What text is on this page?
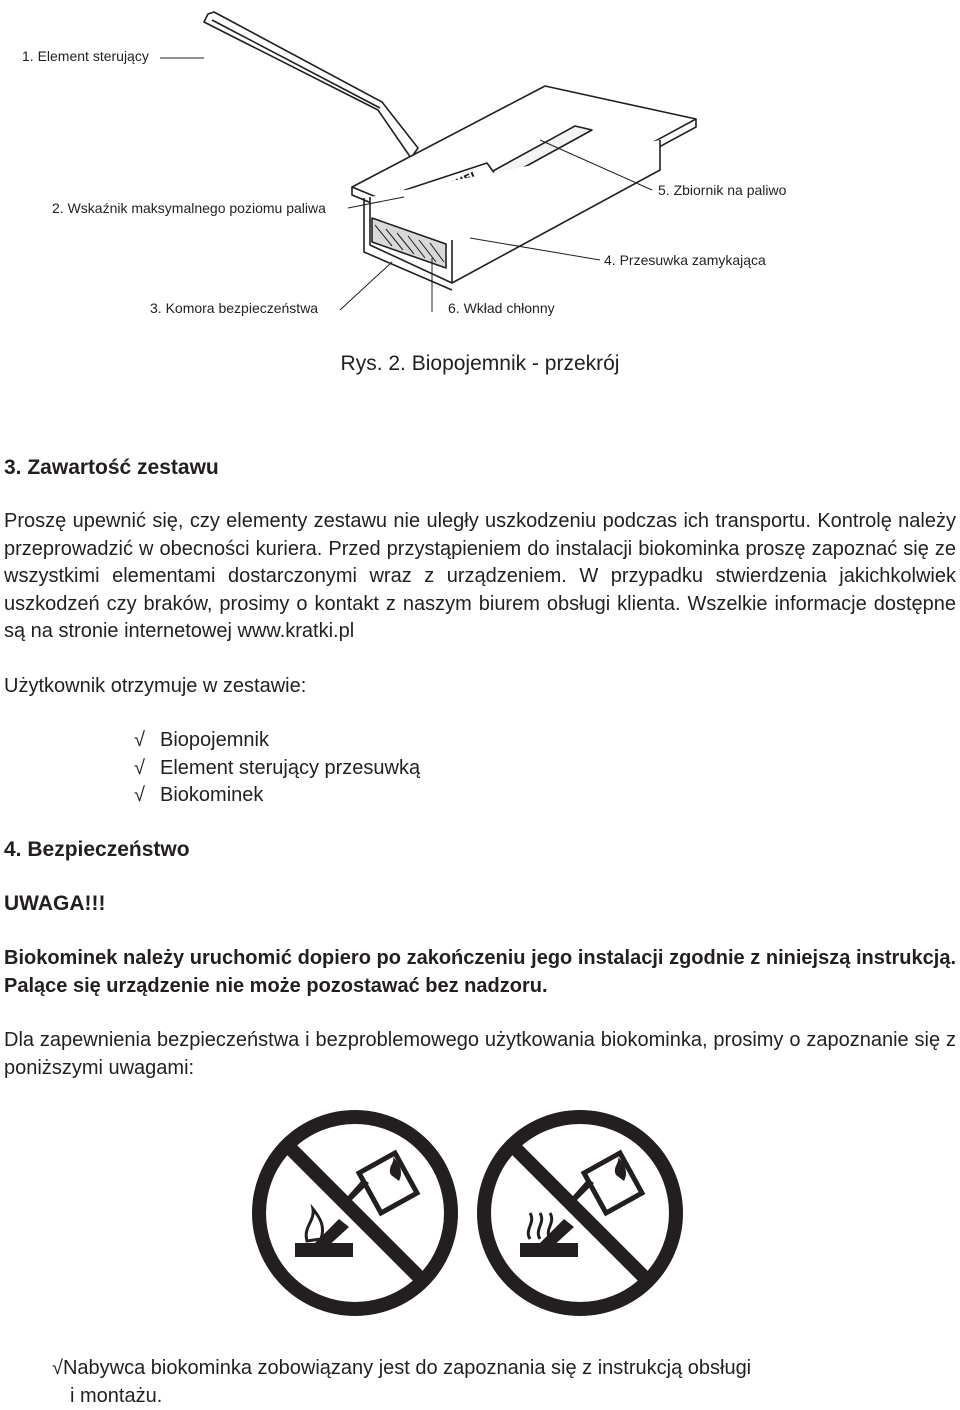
1. Element sterujący
2. Wskaźnik maksymalnego poziomu paliwa
3. Komora bezpieczeństwa
4. Przesuwka zamykająca
5. Zbiornik na paliwo
6. Wkład chłonny
Rys. 2. Biopojemnik - przekrój
3. Zawartość zestawu
Proszę upewnić się, czy elementy zestawu nie uległy uszkodzeniu podczas ich transportu. Kontrolę należy przeprowadzić w obecności kuriera. Przed przystąpieniem do instalacji biokominka proszę zapoznać się ze wszystkimi elementami dostarczonymi wraz z urządzeniem. W przypadku stwierdzenia jakichkolwiek uszkodzeń czy braków, prosimy o kontakt z naszym biurem obsługi klienta. Wszelkie informacje dostępne są na stronie internetowej www.kratki.pl
Użytkownik otrzymuje w zestawie:
√ Biopojemnik
√ Element sterujący przesuwką
√ Biokominek
4. Bezpieczeństwo
UWAGA!!!
Biokominek należy uruchomić dopiero po zakończeniu jego instalacji zgodnie z niniejszą instrukcją. Palące się urządzenie nie może pozostawać bez nadzoru.
Dla zapewnienia bezpieczeństwa i bezproblemowego użytkowania biokominka, prosimy o zapoznanie się z poniższymi uwagami:
√Nabywca biokominka zobowiązany jest do zapoznania się z instrukcją obsługi
i montażu.
